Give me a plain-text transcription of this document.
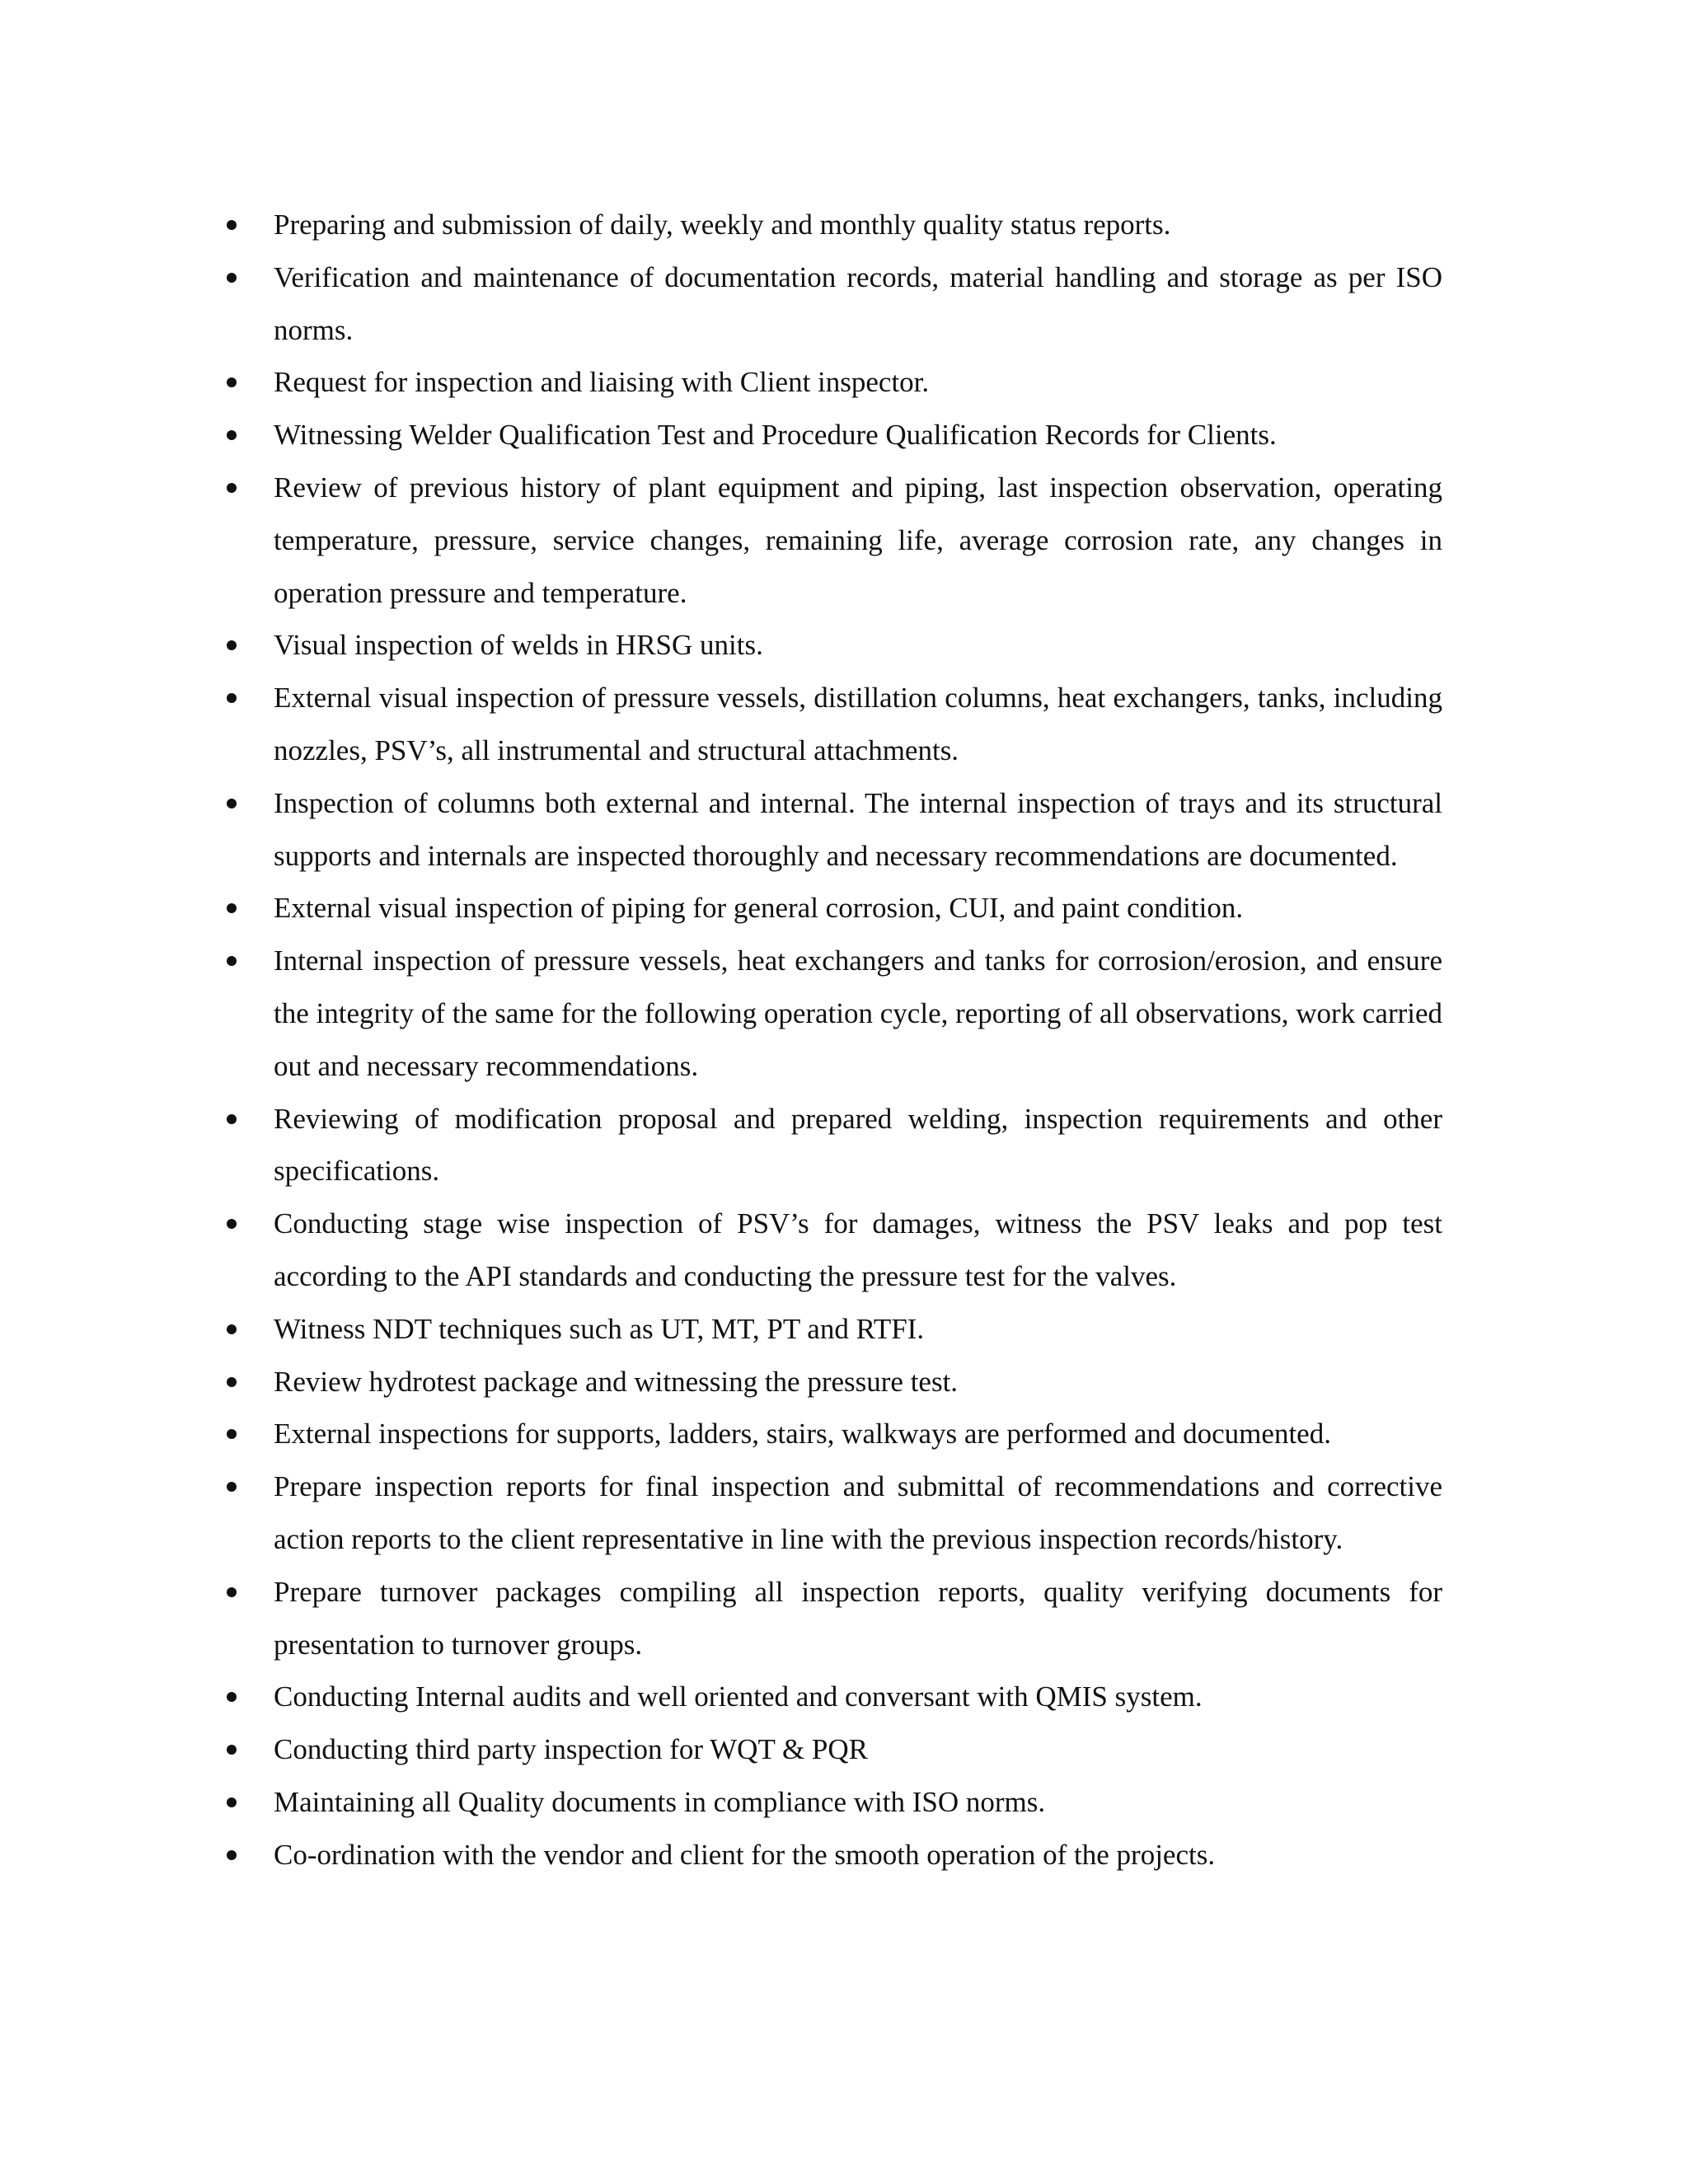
Preparing and submission of daily, weekly and monthly quality status reports.
Verification and maintenance of documentation records, material handling and storage as per ISO norms.
Request for inspection and liaising with Client inspector.
Witnessing Welder Qualification Test and Procedure Qualification Records for Clients.
Review of previous history of plant equipment and piping, last inspection observation, operating temperature, pressure, service changes, remaining life, average corrosion rate, any changes in operation pressure and temperature.
Visual inspection of welds in HRSG units.
External visual inspection of pressure vessels, distillation columns, heat exchangers, tanks, including nozzles, PSV’s, all instrumental and structural attachments.
Inspection of columns both external and internal. The internal inspection of trays and its structural supports and internals are inspected thoroughly and necessary recommendations are documented.
External visual inspection of piping for general corrosion, CUI, and paint condition.
Internal inspection of pressure vessels, heat exchangers and tanks for corrosion/erosion, and ensure the integrity of the same for the following operation cycle, reporting of all observations, work carried out and necessary recommendations.
Reviewing of modification proposal and prepared welding, inspection requirements and other specifications.
Conducting stage wise inspection of PSV’s for damages, witness the PSV leaks and pop test according to the API standards and conducting the pressure test for the valves.
Witness NDT techniques such as UT, MT, PT and RTFI.
Review hydrotest package and witnessing the pressure test.
External inspections for supports, ladders, stairs, walkways are performed and documented.
Prepare inspection reports for final inspection and submittal of recommendations and corrective action reports to the client representative in line with the previous inspection records/history.
Prepare turnover packages compiling all inspection reports, quality verifying documents for presentation to turnover groups.
Conducting Internal audits and well oriented and conversant with QMIS system.
Conducting third party inspection for WQT & PQR
Maintaining all Quality documents in compliance with ISO norms.
Co-ordination with the vendor and client for the smooth operation of the projects.
